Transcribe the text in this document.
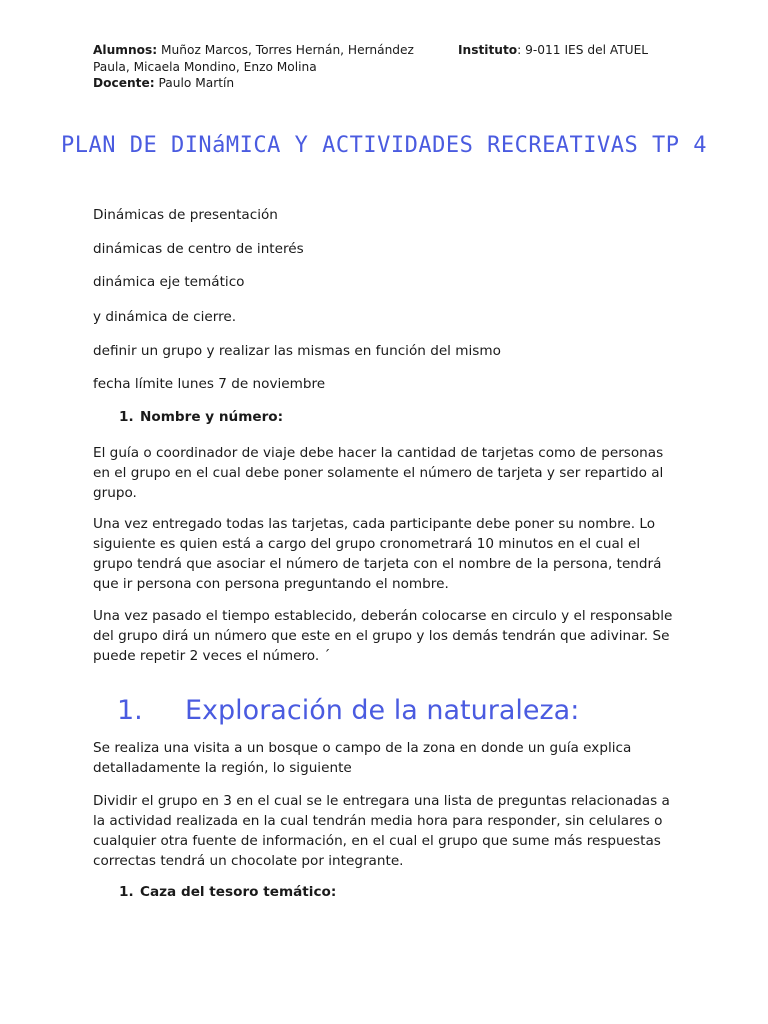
Alumnos: Muñoz Marcos, Torres Hernán, Hernández
Paula, Micaela Mondino, Enzo Molina
Docente: Paulo Martín
Instituto: 9-011 IES del ATUEL
PLAN DE DINáMICA Y ACTIVIDADES RECREATIVAS TP 4

Dinámicas de presentación

dinámicas de centro de interés

dinámica eje temático

y dinámica de cierre.

definir un grupo y realizar las mismas en función del mismo

fecha límite lunes 7 de noviembre

1. Nombre y número:

El guía o coordinador de viaje debe hacer la cantidad de tarjetas como de personas en el grupo en el cual debe poner solamente el número de tarjeta y ser repartido al grupo.

Una vez entregado todas las tarjetas, cada participante debe poner su nombre. Lo siguiente es quien está a cargo del grupo cronometrará 10 minutos en el cual el grupo tendrá que asociar el número de tarjeta con el nombre de la persona, tendrá que ir persona con persona preguntando el nombre.

Una vez pasado el tiempo establecido, deberán colocarse en circulo y el responsable del grupo dirá un número que este en el grupo y los demás tendrán que adivinar. Se puede repetir 2 veces el número. ´

1. Exploración de la naturaleza:

Se realiza una visita a un bosque o campo de la zona en donde un guía explica detalladamente la región, lo siguiente

Dividir el grupo en 3 en el cual se le entregara una lista de preguntas relacionadas a la actividad realizada en la cual tendrán media hora para responder, sin celulares o cualquier otra fuente de información, en el cual el grupo que sume más respuestas correctas tendrá un chocolate por integrante.

1. Caza del tesoro temático:
